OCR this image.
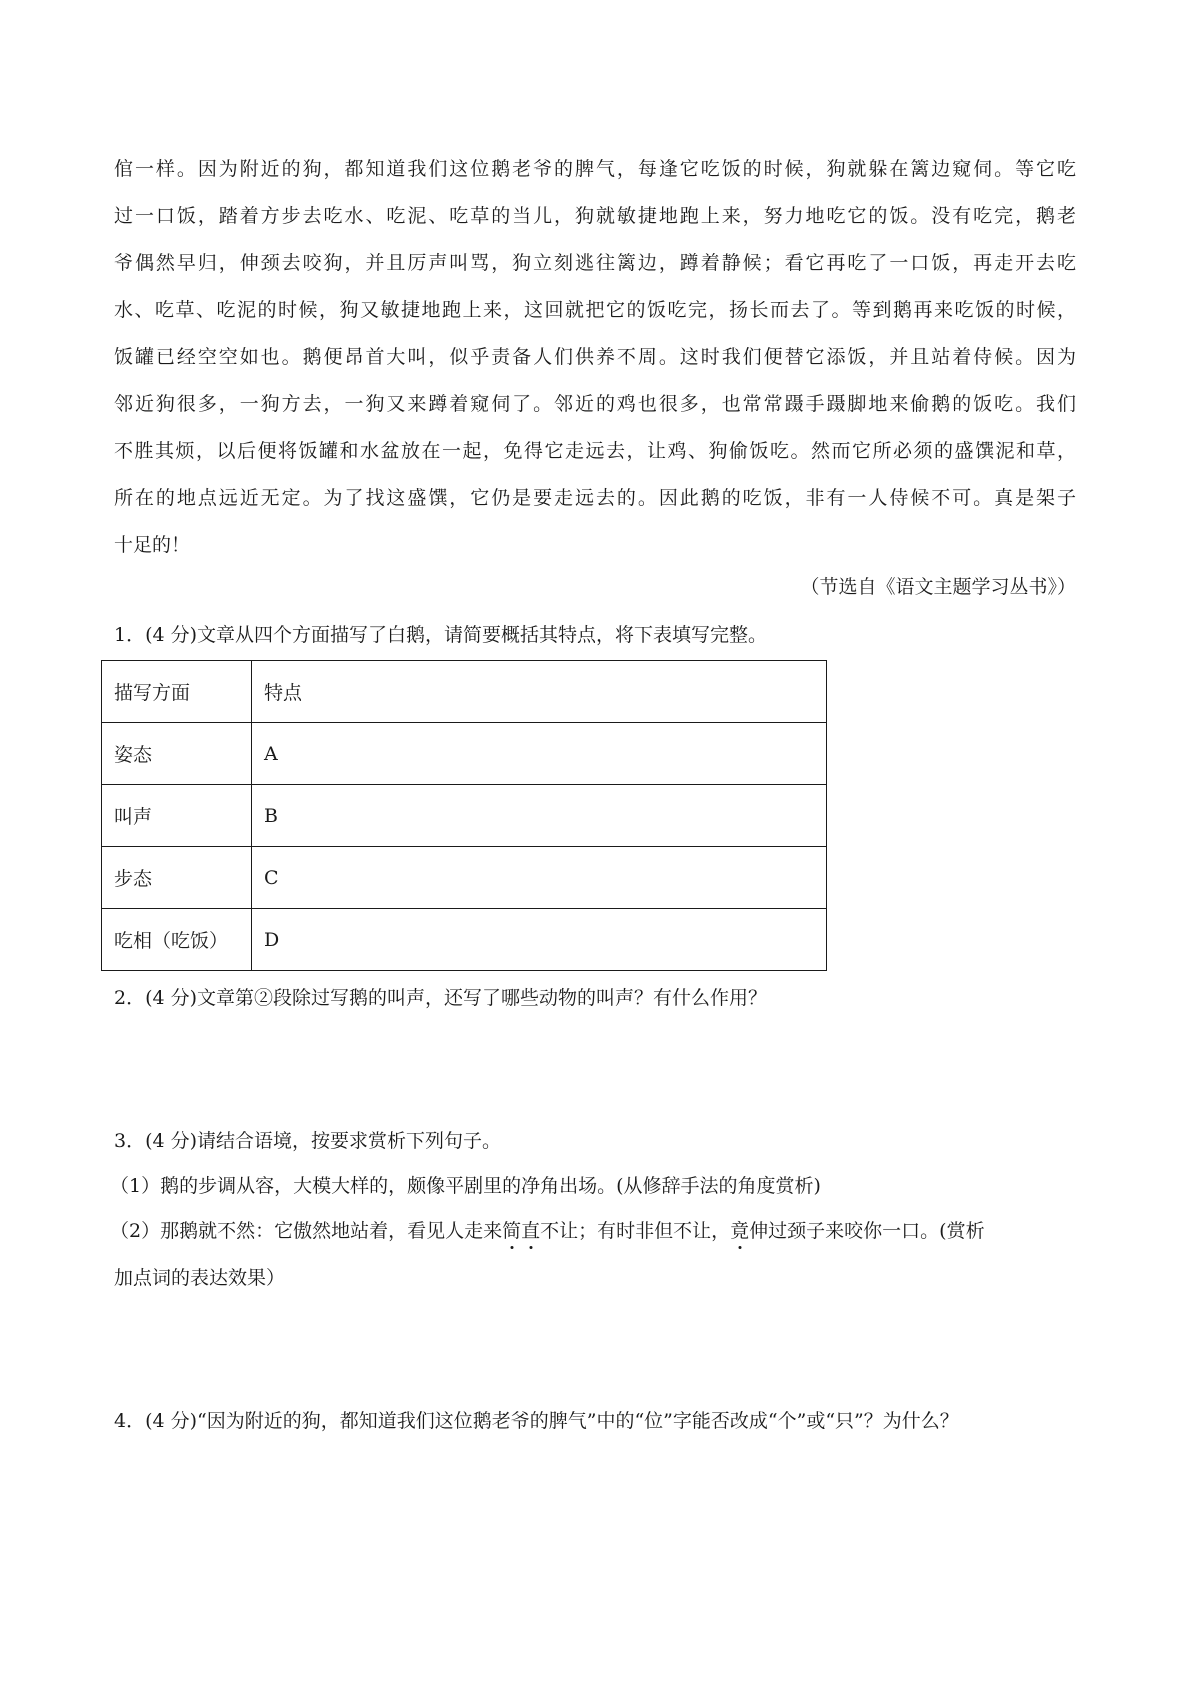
倌一样。因为附近的狗，都知道我们这位鹅老爷的脾气，每逢它吃饭的时候，狗就躲在篱边窥伺。等它吃
过一口饭，踏着方步去吃水、吃泥、吃草的当儿，狗就敏捷地跑上来，努力地吃它的饭。没有吃完，鹅老
爷偶然早归，伸颈去咬狗，并且厉声叫骂，狗立刻逃往篱边，蹲着静候；看它再吃了一口饭，再走开去吃
水、吃草、吃泥的时候，狗又敏捷地跑上来，这回就把它的饭吃完，扬长而去了。等到鹅再来吃饭的时候，
饭罐已经空空如也。鹅便昂首大叫，似乎责备人们供养不周。这时我们便替它添饭，并且站着侍候。因为
邻近狗很多，一狗方去，一狗又来蹲着窥伺了。邻近的鸡也很多，也常常蹑手蹑脚地来偷鹅的饭吃。我们
不胜其烦，以后便将饭罐和水盆放在一起，免得它走远去，让鸡、狗偷饭吃。然而它所必须的盛馔泥和草，
所在的地点远近无定。为了找这盛馔，它仍是要走远去的。因此鹅的吃饭，非有一人侍候不可。真是架子
十足的！
（节选自《语文主题学习丛书》）
1．(4 分)文章从四个方面描写了白鹅，请简要概括其特点，将下表填写完整。
描写方面	特点
姿态	A
叫声	B
步态	C
吃相（吃饭）	D
2．(4 分)文章第②段除过写鹅的叫声，还写了哪些动物的叫声？有什么作用？
3．(4 分)请结合语境，按要求赏析下列句子。
（1）鹅的步调从容，大模大样的，颇像平剧里的净角出场。(从修辞手法的角度赏析)
（2）那鹅就不然：它傲然地站着，看见人走来简直不让；有时非但不让，竟伸过颈子来咬你一口。(赏析
加点词的表达效果）
4．(4 分)“因为附近的狗，都知道我们这位鹅老爷的脾气”中的“位”字能否改成“个”或“只”？为什么？
